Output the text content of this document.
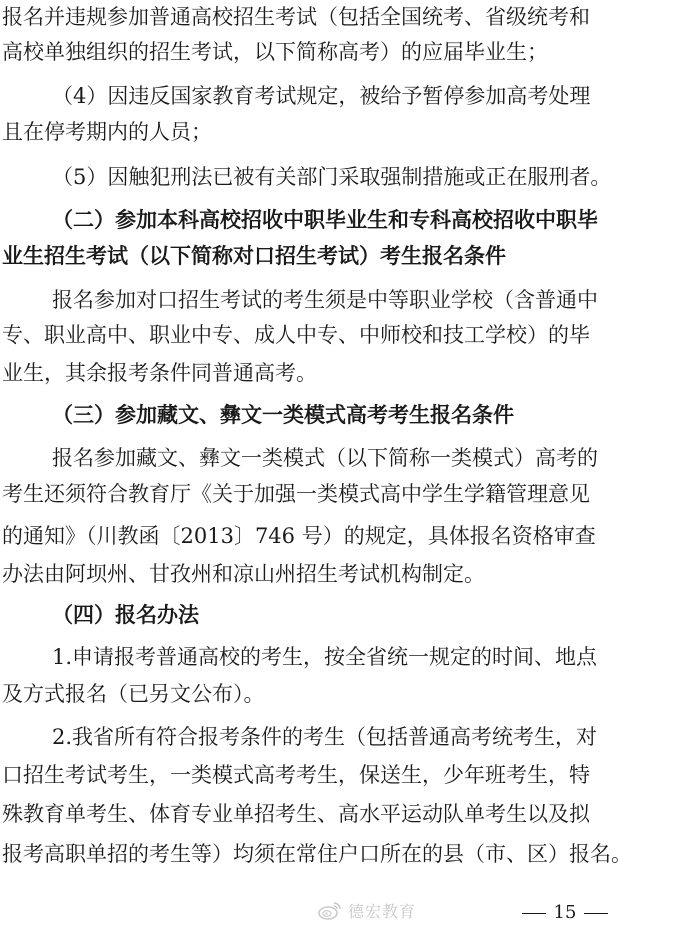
报名并违规参加普通高校招生考试（包括全国统考、省级统考和
高校单独组织的招生考试，以下简称高考）的应届毕业生；
（4）因违反国家教育考试规定，被给予暂停参加高考处理
且在停考期内的人员；
（5）因触犯刑法已被有关部门采取强制措施或正在服刑者。
（二）参加本科高校招收中职毕业生和专科高校招收中职毕
业生招生考试（以下简称对口招生考试）考生报名条件
报名参加对口招生考试的考生须是中等职业学校（含普通中
专、职业高中、职业中专、成人中专、中师校和技工学校）的毕
业生，其余报考条件同普通高考。
（三）参加藏文、彝文一类模式高考考生报名条件
报名参加藏文、彝文一类模式（以下简称一类模式）高考的
考生还须符合教育厅《关于加强一类模式高中学生学籍管理意见
的通知》（川教函〔2013〕746 号）的规定，具体报名资格审查
办法由阿坝州、甘孜州和凉山州招生考试机构制定。
（四）报名办法
1.申请报考普通高校的考生，按全省统一规定的时间、地点
及方式报名（已另文公布）。
2.我省所有符合报考条件的考生（包括普通高考统考生，对
口招生考试考生，一类模式高考考生，保送生，少年班考生，特
殊教育单考生、体育专业单招考生、高水平运动队单考生以及拟
报考高职单招的考生等）均须在常住户口所在的县（市、区）报名。
德宏教育	15
